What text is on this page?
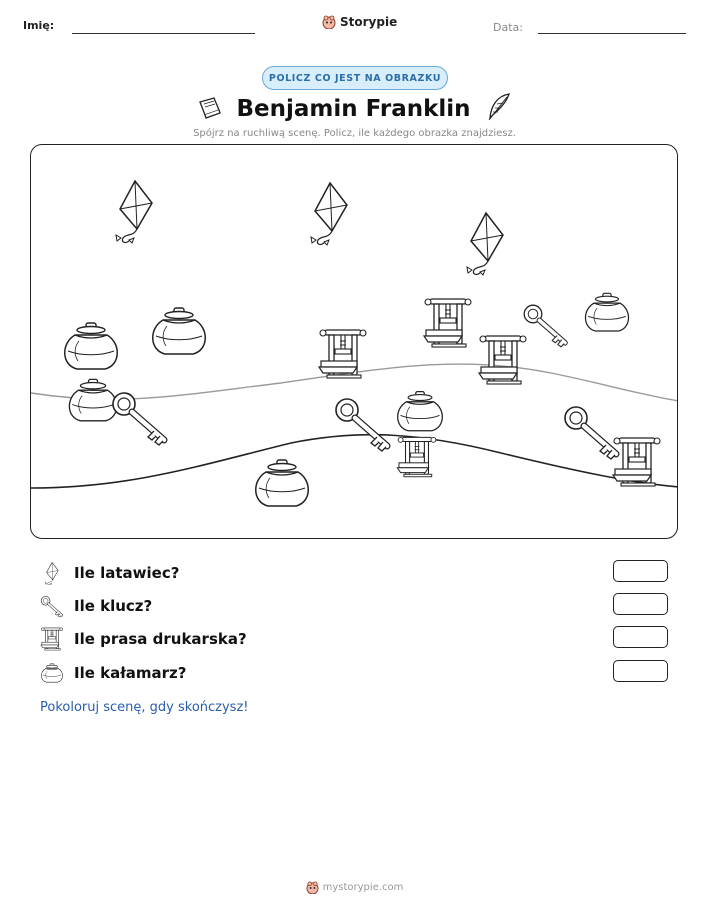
Imię:	Storypie	Data:
POLICZ CO JEST NA OBRAZKU
Benjamin Franklin
Spójrz na ruchliwą scenę. Policz, ile każdego obrazka znajdziesz.
Ile latawiec?
Ile klucz?
Ile prasa drukarska?
Ile kałamarz?
Pokoloruj scenę, gdy skończysz!
mystorypie.com
